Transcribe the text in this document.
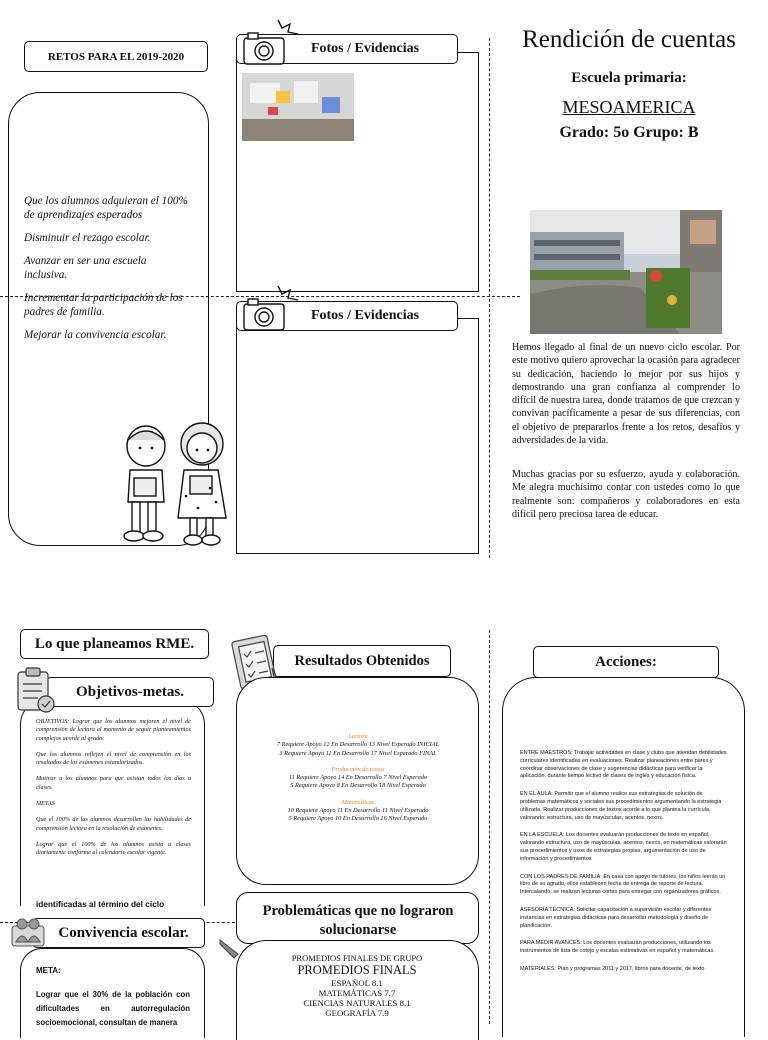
RETOS PARA EL 2019-2020
Que los alumnos adquieran el 100% de aprendizajes esperados
Disminuir el rezago escolar.
Avanzar en ser una escuela inclusiva.
Incrementar la participación de los padres de familia.
Mejorar la convivencia escolar.
Fotos / Evidencias
Fotos / Evidencias
Rendición de cuentas
Escuela primaria:
MESOAMERICA
Grado: 5o Grupo: B
Hemos llegado al final de un nuevo ciclo escolar. Por este motivo quiero aprovechar la ocasión para agradecer su dedicación, haciendo lo mejor por sus hijos y demostrando una gran confianza al comprender lo difícil de nuestra tarea, donde tratamos de que crezcan y convivan pacíficamente a pesar de sus diferencias, con el objetivo de prepararlos frente a los retos, desafíos y adversidades de la vida.
Muchas gracias por su esfuerzo, ayuda y colaboración. Me alegra muchísimo contar con ustedes como lo que realmente son: compañeros y colaboradores en esta difícil pero preciosa tarea de educar.
Lo que planeamos RME.
Objetivos-metas.

OBJETIVOS: Lograr que los alumnos mejoren el nivel de comprensión de lectura al momento de seguir planteamientos complejos acorde al grado.

Que los alumnos reflejen el nivel de comprensión en los resultados de los exámenes estandarizados.

Motivar a los alumnos para que asistan todos los días a clases.

METAS

Que el 100% de las alumnos desarrollen las habilidades de comprensión lectora en la resolución de exámenes.

Lograr que el 100% de los alumnos asista a clases diariamente conforme al calendario escolar vigente.

identificadas al término del ciclo
Convivencia escolar.
META:
Lograr que el 30% de la población con dificultades en autorregulación socioemocional, consultan de manera
Resultados Obtenidos
Lectura
7 Requiere Apoyo 12 En Desarrollo 13 Nivel Esperado INICIAL
3 Requiere Apoyo 11 En Desarrollo 17 Nivel Esperado FINAL
Producción de textos
11 Requiere Apoyo 14 En Desarrollo 7 Nivel Esperado
5 Requiere Apoyo 8 En Desarrollo 18 Nivel Esperado
Matemáticas
10 Requiere Apoyo 11 En Desarrollo 11 Nivel Esperado
5 Requiere Apoyo 10 En Desarrollo 16 Nivel Esperado
Problemáticas que no lograron solucionarse
PROMEDIOS FINALES DE GRUPO
PROMEDIOS FINALS
ESPAÑOL 8.1
MATEMÁTICAS 7.7
CIENCIAS NATURALES 8.1
GEOGRAFÍA 7.9
Acciones:

ENTRE MAESTROS: Trabajar actividades en clase y clubs que atiendan debilidades curriculares identificadas en evaluaciones. Realizar planeaciones entre pares y coordinar observaciones de clase y sugerencias didácticas para verificar la aplicación, durante tiempo lectivo de clases de inglés y educación física.

EN EL AULA: Permitir que el alumno realice sus estrategias de solución de problemas matemáticos y sociales sus procedimientos argumentando la estrategia utilizada. Realizar producciones de textos acorde a lo que plantea la currícula, valorando: estructura, uso de mayúsculas, acentos, nexos.

EN LA ESCUELA: Los docentes evaluarán producciones de texto en español, valorando estructura, uso de mayúsculas, acentos, nexos, en matemáticas valorarán sus procedimientos y usos de estrategias propias, argumentación de uso de información y procedimientos

CON LOS PADRES DE FAMILIA: En casa con apoyo de tutores, los niños leerán un libro de su agrado, ellos establecen fecha de entrega de reporte de lectura. Intercalando, se realizan lecturas cortas para entregar con organizadores gráficos.

ASESORÍA TÉCNICA: Solicitar capacitación a supervisión escolar y diferentes instancias en estrategias didácticas para desarrollar metodología y diseño de planificación.

PARA MEDIR AVANCES: Los docentes evaluarán producciones, utilizando los instrumentos de lista de cotejo y escalas estimativas en español y matemáticas.

MATERIALES: Plan y programas 2011 y 2017, libros para docente, de texto
